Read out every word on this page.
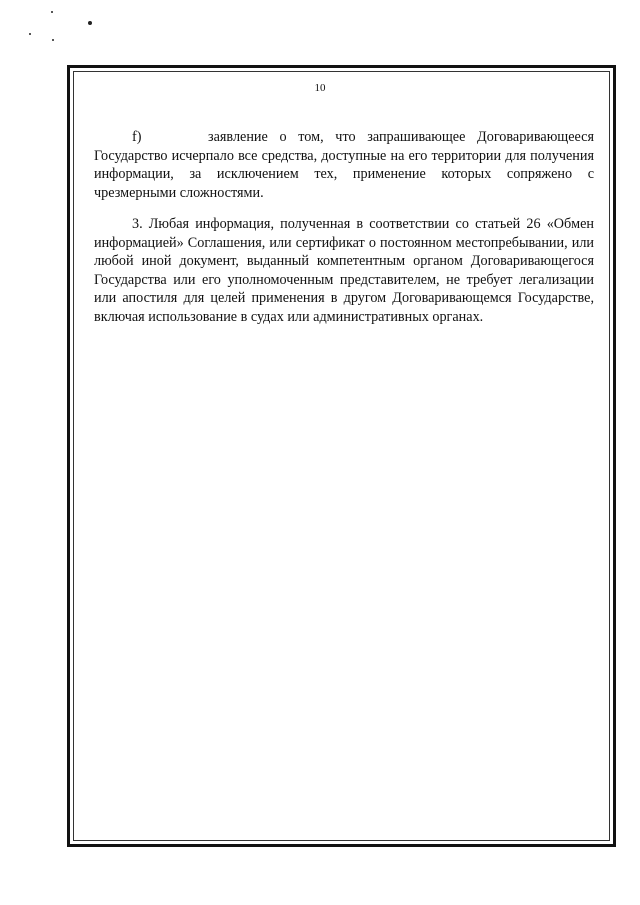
10
f)	заявление о том, что запрашивающее Договаривающееся Государство исчерпало все средства, доступные на его территории для получения информации, за исключением тех, применение которых сопряжено с чрезмерными сложностями.
3. Любая информация, полученная в соответствии со статьей 26 «Обмен информацией» Соглашения, или сертификат о постоянном местопребывании, или любой иной документ, выданный компетентным органом Договаривающегося Государства или его уполномоченным представителем, не требует легализации или апостиля для целей применения в другом Договаривающемся Государстве, включая использование в судах или административных органах.
